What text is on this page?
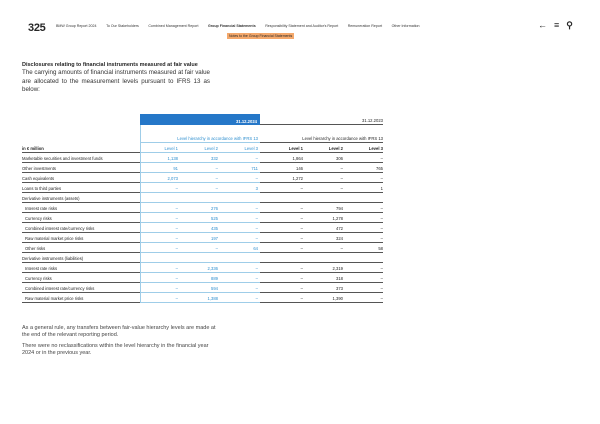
325	BMW Group Report 2024	To Our Stakeholders	Combined Management Report	Group Financial Statements	Responsibility Statement and Auditor's Report	Remuneration Report	Other Information
Notes to the Group Financial Statements
← ≡ ⚲
Disclosures relating to financial instruments measured at fair value
The carrying amounts of financial instruments measured at fair value are allocated to the measurement levels pursuant to IFRS 13 as below:
	31.12.2024				31.12.2023		
	Level hierarchy in accordance with IFRS 13				Level hierarchy in accordance with IFRS 13		
in € million	Level 1	Level 2	Level 3		Level 1	Level 2	Level 3
Marketable securities and investment funds	1,138	332	–		1,864	306	–
Other investments	91	–	711		146	–	765
Cash equivalents	2,073	–	–		1,272	–	–
Loans to third parties	–	–	3		–	–	1
Derivative instruments (assets)							
Interest rate risks	–	276	–		–	794	–
Currency risks	–	525	–		–	1,278	–
Combined interest rate/currency risks	–	435	–		–	472	–
Raw material market price risks	–	197	–		–	324	–
Other risks	–	–	64		–	–	58
Derivative instruments (liabilities)							
Interest rate risks	–	2,336	–		–	2,319	–
Currency risks	–	889	–		–	318	–
Combined interest rate/currency risks	–	594	–		–	373	–
Raw material market price risks	–	1,388	–		–	1,390	–
As a general rule, any transfers between fair-value hierarchy levels are made at the end of the relevant reporting period.
There were no reclassifications within the level hierarchy in the financial year 2024 or in the previous year.
